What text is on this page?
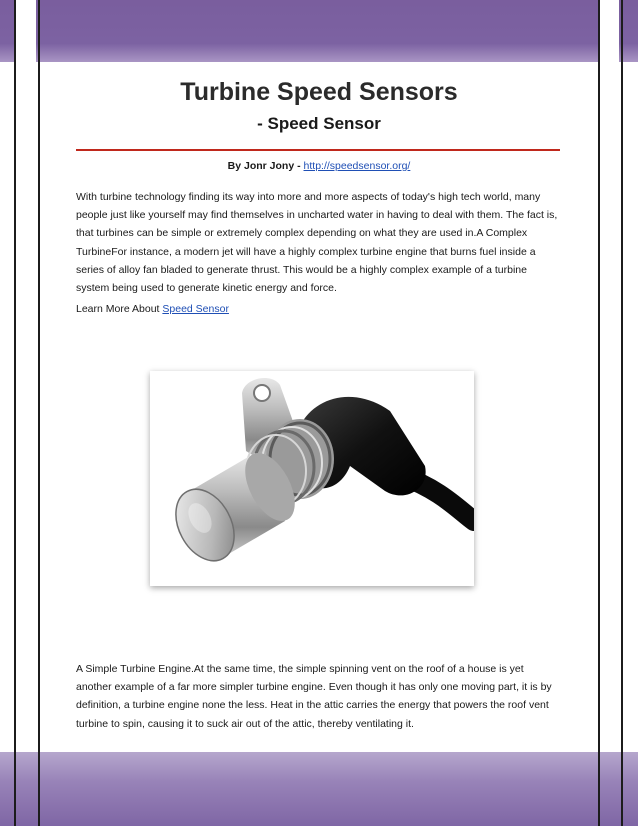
Turbine Speed Sensors
- Speed Sensor
By Jonr Jony - http://speedsensor.org/
With turbine technology finding its way into more and more aspects of today's high tech world, many people just like yourself may find themselves in uncharted water in having to deal with them. The fact is, that turbines can be simple or extremely complex depending on what they are used in.A Complex TurbineFor instance, a modern jet will have a highly complex turbine engine that burns fuel inside a series of alloy fan bladed to generate thrust. This would be a highly complex example of a turbine system being used to generate kinetic energy and force.
Learn More About Speed Sensor
A Simple Turbine Engine.At the same time, the simple spinning vent on the roof of a house is yet another example of a far more simpler turbine engine. Even though it has only one moving part, it is by definition, a turbine engine none the less. Heat in the attic carries the energy that powers the roof vent turbine to spin, causing it to suck air out of the attic, thereby ventilating it.
